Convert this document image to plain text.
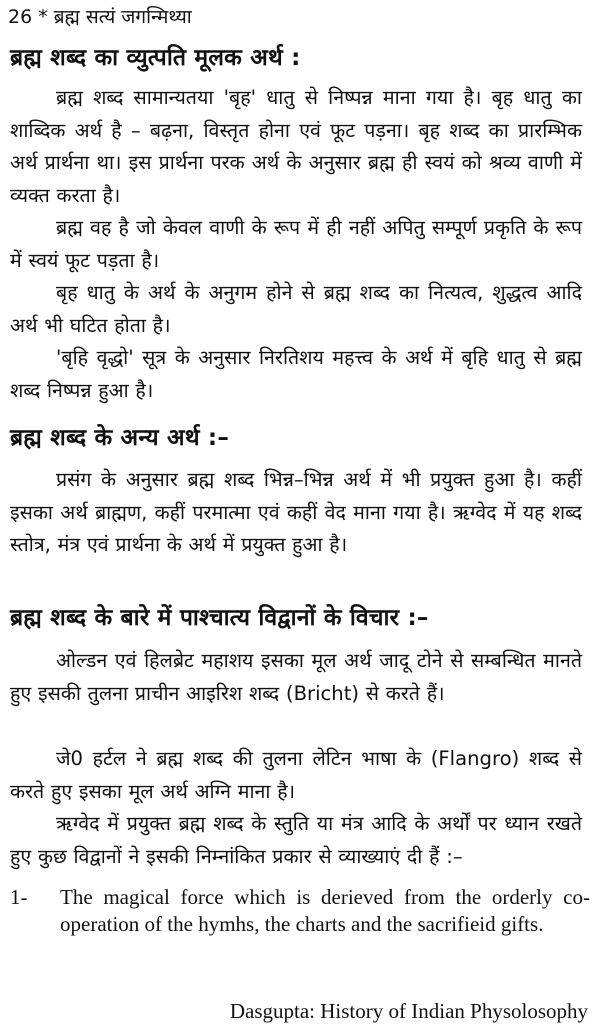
26 * ब्रह्म सत्यं जगन्मिथ्या
ब्रह्म शब्द का व्युत्पति मूलक अर्थ :

ब्रह्म शब्द सामान्यतया 'बृह' धातु से निष्पन्न माना गया है। बृह धातु का शाब्दिक अर्थ है – बढ़ना, विस्तृत होना एवं फूट पड़ना। बृह शब्द का प्रारम्भिक अर्थ प्रार्थना था। इस प्रार्थना परक अर्थ के अनुसार ब्रह्म ही स्वयं को श्रव्य वाणी में व्यक्त करता है।

ब्रह्म वह है जो केवल वाणी के रूप में ही नहीं अपितु सम्पूर्ण प्रकृति के रूप में स्वयं फूट पड़ता है।

बृह धातु के अर्थ के अनुगम होने से ब्रह्म शब्द का नित्यत्व, शुद्धत्व आदि अर्थ भी घटित होता है।

'बृहि वृद्धो' सूत्र के अनुसार निरतिशय महत्त्व के अर्थ में बृहि धातु से ब्रह्म शब्द निष्पन्न हुआ है।

ब्रह्म शब्द के अन्य अर्थ :–

प्रसंग के अनुसार ब्रह्म शब्द भिन्न–भिन्न अर्थ में भी प्रयुक्त हुआ है। कहीं इसका अर्थ ब्राह्मण, कहीं परमात्मा एवं कहीं वेद माना गया है। ऋग्वेद में यह शब्द स्तोत्र, मंत्र एवं प्रार्थना के अर्थ में प्रयुक्त हुआ है।

ब्रह्म शब्द के बारे में पाश्चात्य विद्वानों के विचार :–

ओल्डन एवं हिलब्रेट महाशय इसका मूल अर्थ जादू टोने से सम्बन्धित मानते हुए इसकी तुलना प्राचीन आइरिश शब्द (Bricht) से करते हैं।

जे0 हर्टल ने ब्रह्म शब्द की तुलना लेटिन भाषा के (Flangro) शब्द से करते हुए इसका मूल अर्थ अग्नि माना है।

ऋग्वेद में प्रयुक्त ब्रह्म शब्द के स्तुति या मंत्र आदि के अर्थों पर ध्यान रखते हुए कुछ विद्वानों ने इसकी निम्नांकित प्रकार से व्याख्याएं दी हैं :–

1- The magical force which is derieved from the orderly co-operation of the hymhs, the charts and the sacrifieid gifts.
Dasgupta: History of Indian Physolosophy
